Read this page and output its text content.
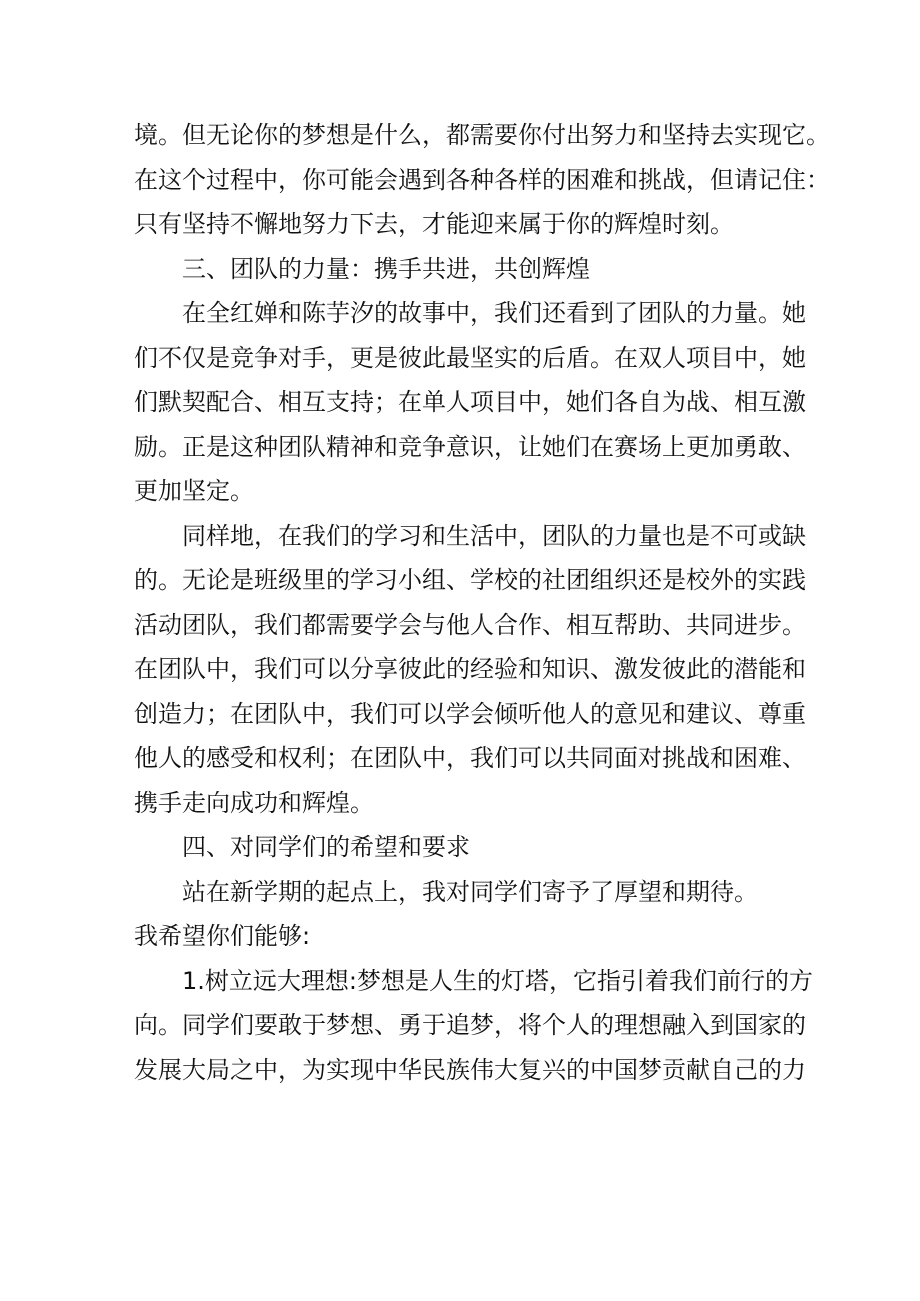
境。但无论你的梦想是什么，都需要你付出努力和坚持去实现它。
在这个过程中，你可能会遇到各种各样的困难和挑战，但请记住：
只有坚持不懈地努力下去，才能迎来属于你的辉煌时刻。
三、团队的力量：携手共进，共创辉煌
在全红婵和陈芋汐的故事中，我们还看到了团队的力量。她
们不仅是竞争对手，更是彼此最坚实的后盾。在双人项目中，她
们默契配合、相互支持；在单人项目中，她们各自为战、相互激
励。正是这种团队精神和竞争意识，让她们在赛场上更加勇敢、
更加坚定。
同样地，在我们的学习和生活中，团队的力量也是不可或缺
的。无论是班级里的学习小组、学校的社团组织还是校外的实践
活动团队，我们都需要学会与他人合作、相互帮助、共同进步。
在团队中，我们可以分享彼此的经验和知识、激发彼此的潜能和
创造力；在团队中，我们可以学会倾听他人的意见和建议、尊重
他人的感受和权利；在团队中，我们可以共同面对挑战和困难、
携手走向成功和辉煌。
四、对同学们的希望和要求
站在新学期的起点上，我对同学们寄予了厚望和期待。
我希望你们能够:
1.树立远大理想:梦想是人生的灯塔，它指引着我们前行的方
向。同学们要敢于梦想、勇于追梦，将个人的理想融入到国家的
发展大局之中，为实现中华民族伟大复兴的中国梦贡献自己的力
